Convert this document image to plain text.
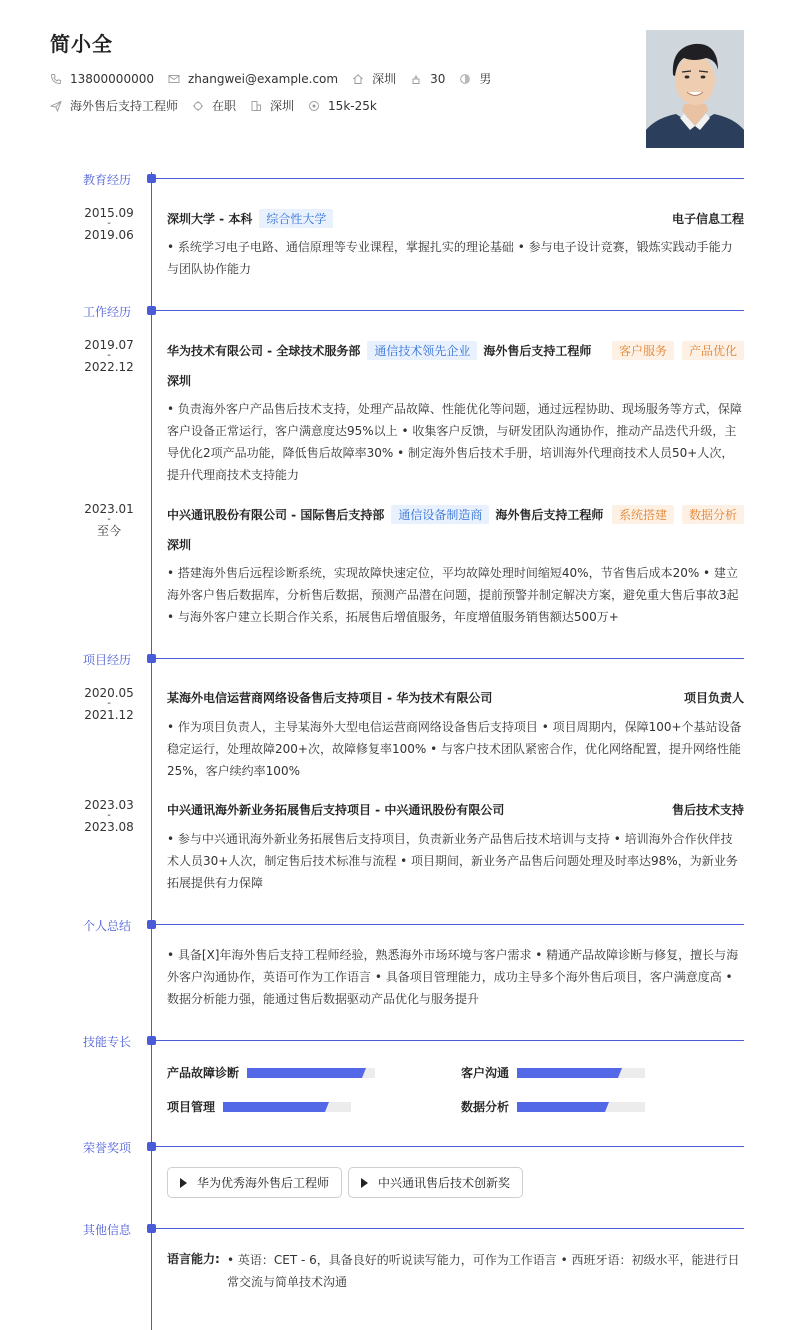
简小全
13800000000	zhangwei@example.com	深圳	30	男
海外售后支持工程师	在职	深圳	15k-25k
教育经历
2015.09
-
2019.06
深圳大学 - 本科	综合性大学	电子信息工程
• 系统学习电子电路、通信原理等专业课程，掌握扎实的理论基础 • 参与电子设计竞赛，锻炼实践动手能力与团队协作能力
工作经历
2019.07
-
2022.12
华为技术有限公司 - 全球技术服务部	通信技术领先企业	海外售后支持工程师	客户服务	产品优化
深圳
• 负责海外客户产品售后技术支持，处理产品故障、性能优化等问题，通过远程协助、现场服务等方式，保障客户设备正常运行，客户满意度达95%以上 • 收集客户反馈，与研发团队沟通协作，推动产品迭代升级，主导优化2项产品功能，降低售后故障率30% • 制定海外售后技术手册，培训海外代理商技术人员50+人次，提升代理商技术支持能力
2023.01
-
至今
中兴通讯股份有限公司 - 国际售后支持部	通信设备制造商	海外售后支持工程师	系统搭建	数据分析
深圳
• 搭建海外售后远程诊断系统，实现故障快速定位，平均故障处理时间缩短40%，节省售后成本20% • 建立海外客户售后数据库，分析售后数据，预测产品潜在问题，提前预警并制定解决方案，避免重大售后事故3起 • 与海外客户建立长期合作关系，拓展售后增值服务，年度增值服务销售额达500万+
项目经历
2020.05
-
2021.12
某海外电信运营商网络设备售后支持项目 - 华为技术有限公司	项目负责人
• 作为项目负责人，主导某海外大型电信运营商网络设备售后支持项目 • 项目周期内，保障100+个基站设备稳定运行，处理故障200+次，故障修复率100% • 与客户技术团队紧密合作，优化网络配置，提升网络性能25%，客户续约率100%
2023.03
-
2023.08
中兴通讯海外新业务拓展售后支持项目 - 中兴通讯股份有限公司	售后技术支持
• 参与中兴通讯海外新业务拓展售后支持项目，负责新业务产品售后技术培训与支持 • 培训海外合作伙伴技术人员30+人次，制定售后技术标准与流程 • 项目期间，新业务产品售后问题处理及时率达98%，为新业务拓展提供有力保障
个人总结
• 具备[X]年海外售后支持工程师经验，熟悉海外市场环境与客户需求 • 精通产品故障诊断与修复，擅长与海外客户沟通协作，英语可作为工作语言 • 具备项目管理能力，成功主导多个海外售后项目，客户满意度高 • 数据分析能力强，能通过售后数据驱动产品优化与服务提升
技能专长
产品故障诊断	客户沟通
项目管理	数据分析
荣誉奖项
华为优秀海外售后工程师	中兴通讯售后技术创新奖
其他信息
语言能力: • 英语：CET - 6，具备良好的听说读写能力，可作为工作语言 • 西班牙语：初级水平，能进行日常交流与简单技术沟通
